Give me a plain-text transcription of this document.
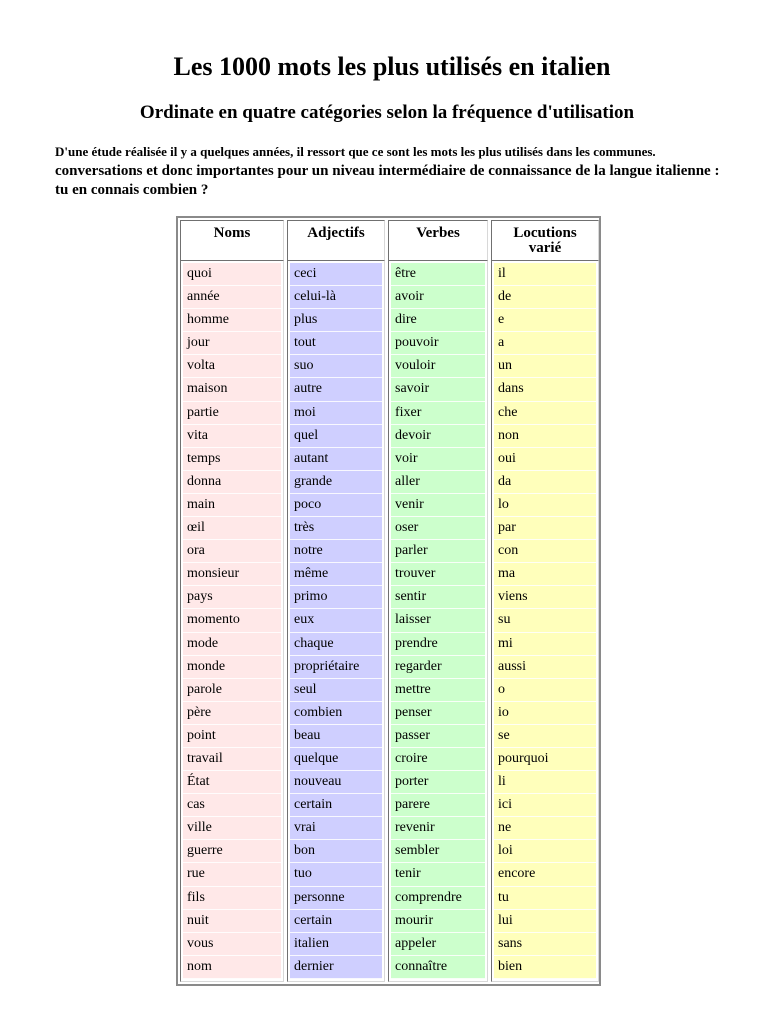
Les 1000 mots les plus utilisés en italien
Ordinate en quatre catégories selon la fréquence d'utilisation
D'une étude réalisée il y a quelques années, il ressort que ce sont les mots les plus utilisés dans les communes.
conversations et donc importantes pour un niveau intermédiaire de connaissance de la langue italienne : tu en connais combien ?
Noms
quoi
année
homme
jour
volta
maison
partie
vita
temps
donna
main
œil
ora
monsieur
pays
momento
mode
monde
parole
père
point
travail
État
cas
ville
guerre
rue
fils
nuit
vous
nom
Adjectifs
ceci
celui-là
plus
tout
suo
autre
moi
quel
autant
grande
poco
très
notre
même
primo
eux
chaque
propriétaire
seul
combien
beau
quelque
nouveau
certain
vrai
bon
tuo
personne
certain
italien
dernier
Verbes
être
avoir
dire
pouvoir
vouloir
savoir
fixer
devoir
voir
aller
venir
oser
parler
trouver
sentir
laisser
prendre
regarder
mettre
penser
passer
croire
porter
parere
revenir
sembler
tenir
comprendre
mourir
appeler
connaître
Locutions
varié
il
de
e
a
un
dans
che
non
oui
da
lo
par
con
ma
viens
su
mi
aussi
o
io
se
pourquoi
li
ici
ne
loi
encore
tu
lui
sans
bien
